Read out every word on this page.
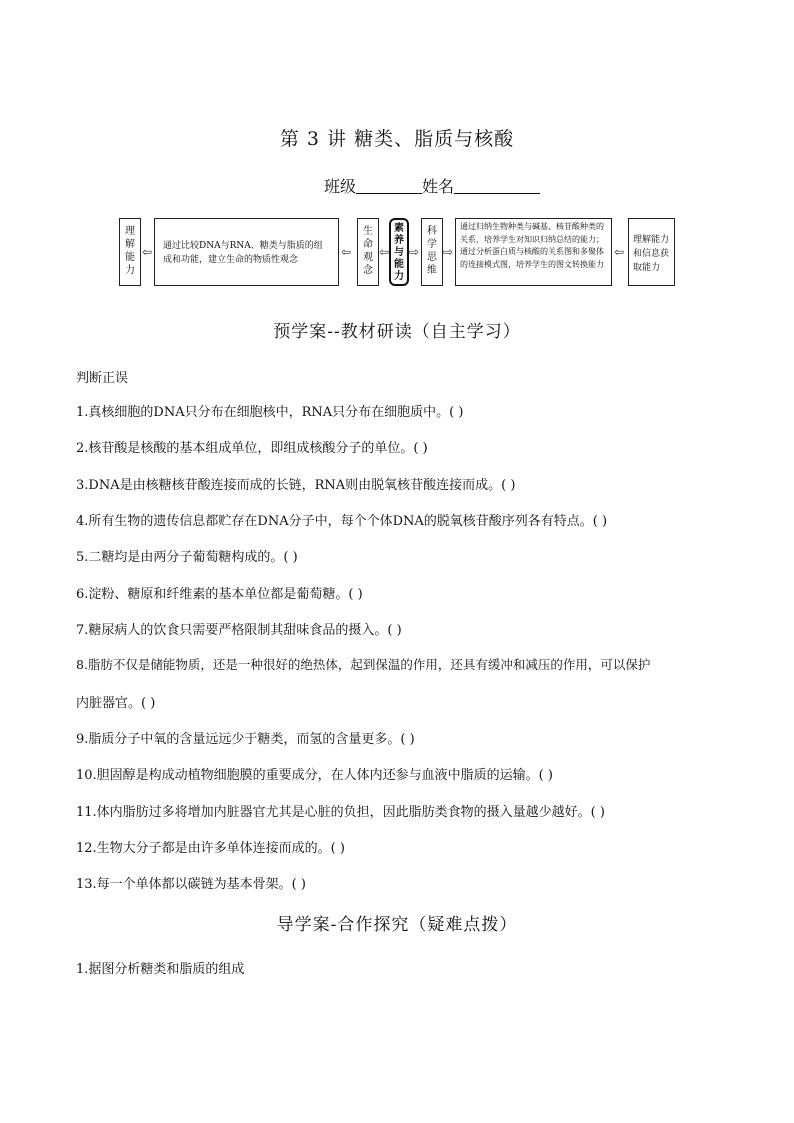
第 3 讲 糖类、脂质与核酸
班级	姓名
理解能力
⇦	通过比较DNA与RNA、糖类与脂质的组成和功能，建立生命的物质性观念
⇦
生命观念
⇦
素养与能力
⇨
科学思维
⇨
通过归纳生物种类与碱基、核苷酸种类的关系，培养学生对知识归纳总结的能力；通过分析蛋白质与核酸的关系图和多聚体的连接模式图，培养学生的图文转换能力
⇦
理解能力和信息获取能力
预学案--教材研读（自主学习）
判断正误
1.真核细胞的DNA只分布在细胞核中，RNA只分布在细胞质中。( )
2.核苷酸是核酸的基本组成单位，即组成核酸分子的单位。( )
3.DNA是由核糖核苷酸连接而成的长链，RNA则由脱氧核苷酸连接而成。( )
4.所有生物的遗传信息都贮存在DNA分子中，每个个体DNA的脱氧核苷酸序列各有特点。( )
5.二糖均是由两分子葡萄糖构成的。( )
6.淀粉、糖原和纤维素的基本单位都是葡萄糖。( )
7.糖尿病人的饮食只需要严格限制其甜味食品的摄入。( )
8.脂肪不仅是储能物质，还是一种很好的绝热体，起到保温的作用，还具有缓冲和减压的作用，可以保护
内脏器官。( )
9.脂质分子中氧的含量远远少于糖类，而氢的含量更多。( )
10.胆固醇是构成动植物细胞膜的重要成分，在人体内还参与血液中脂质的运输。( )
11.体内脂肪过多将增加内脏器官尤其是心脏的负担，因此脂肪类食物的摄入量越少越好。( )
12.生物大分子都是由许多单体连接而成的。( )
13.每一个单体都以碳链为基本骨架。( )
导学案-合作探究（疑难点拨）
1.据图分析糖类和脂质的组成
